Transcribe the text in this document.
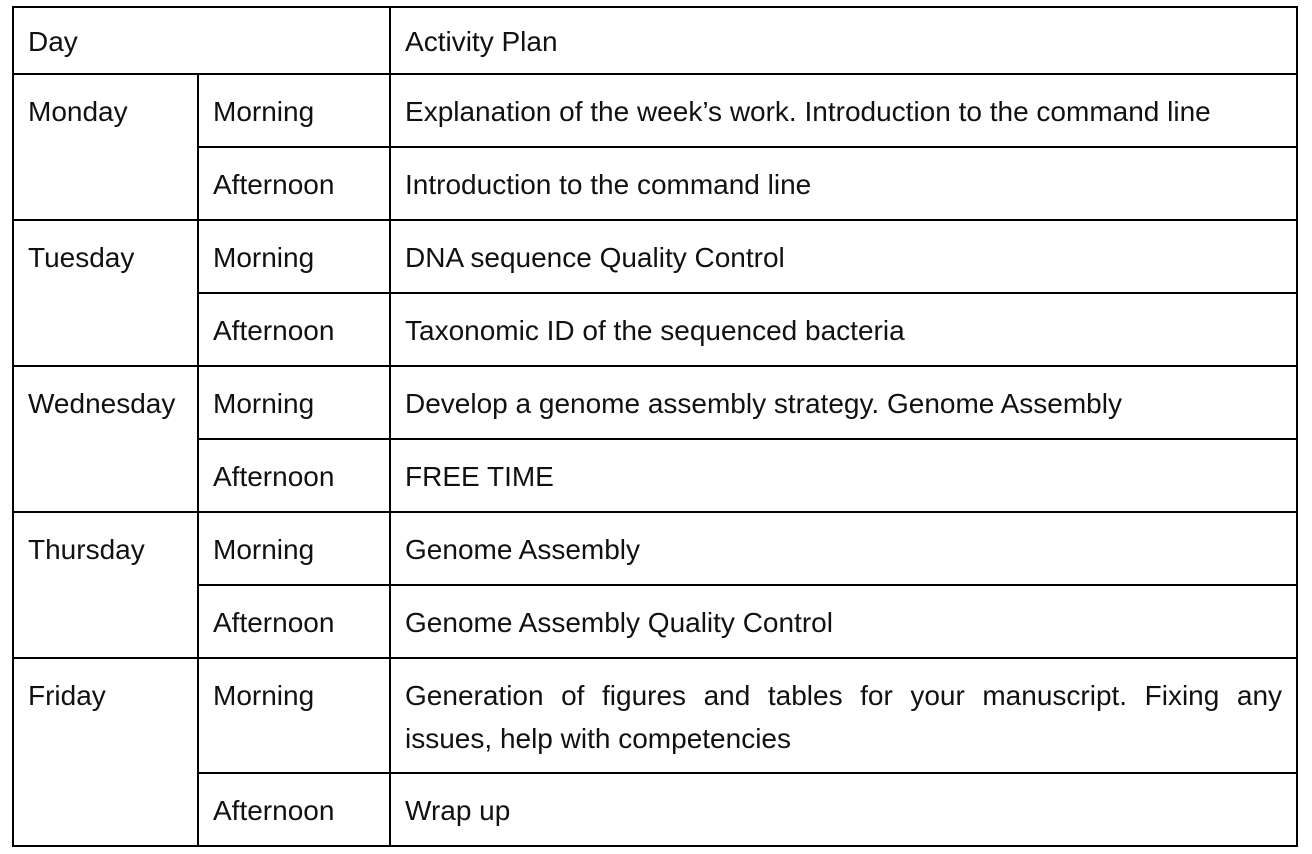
Day		Activity Plan
Monday	Morning	Explanation of the week’s work. Introduction to the command line
	Afternoon	Introduction to the command line
Tuesday	Morning	DNA sequence Quality Control
	Afternoon	Taxonomic ID of the sequenced bacteria
Wednesday	Morning	Develop a genome assembly strategy. Genome Assembly
	Afternoon	FREE TIME
Thursday	Morning	Genome Assembly
	Afternoon	Genome Assembly Quality Control
Friday	Morning	Generation of figures and tables for your manuscript. Fixing any issues, help with competencies
	Afternoon	Wrap up
